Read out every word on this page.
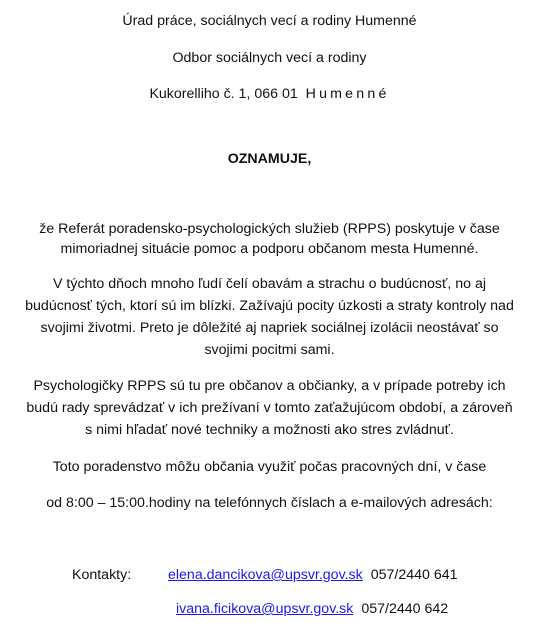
Úrad práce, sociálnych vecí a rodiny Humenné
Odbor sociálnych vecí a rodiny
Kukorelliho č. 1, 066 01 Humenné
OZNAMUJE,
že Referát poradensko-psychologických služieb (RPPS) poskytuje v čase
mimoriadnej situácie pomoc a podporu občanom mesta Humenné.
V týchto dňoch mnoho ľudí čelí obavám a strachu o budúcnosť, no aj
budúcnosť tých, ktorí sú im blízki. Zažívajú pocity úzkosti a straty kontroly nad
svojimi životmi. Preto je dôležité aj napriek sociálnej izolácii neostávať so
svojimi pocitmi sami.
Psychologičky RPPS sú tu pre občanov a občianky, a v prípade potreby ich
budú rady sprevádzať v ich prežívaní v tomto zaťažujúcom období, a zároveň
s nimi hľadať nové techniky a možnosti ako stres zvládnuť.
Toto poradenstvo môžu občania využiť počas pracovných dní, v čase
od 8:00 – 15:00.hodiny na telefónnych číslach a e-mailových adresách:
Kontakty:	elena.dancikova@upsvr.gov.sk 057/2440 641
ivana.ficikova@upsvr.gov.sk 057/2440 642
